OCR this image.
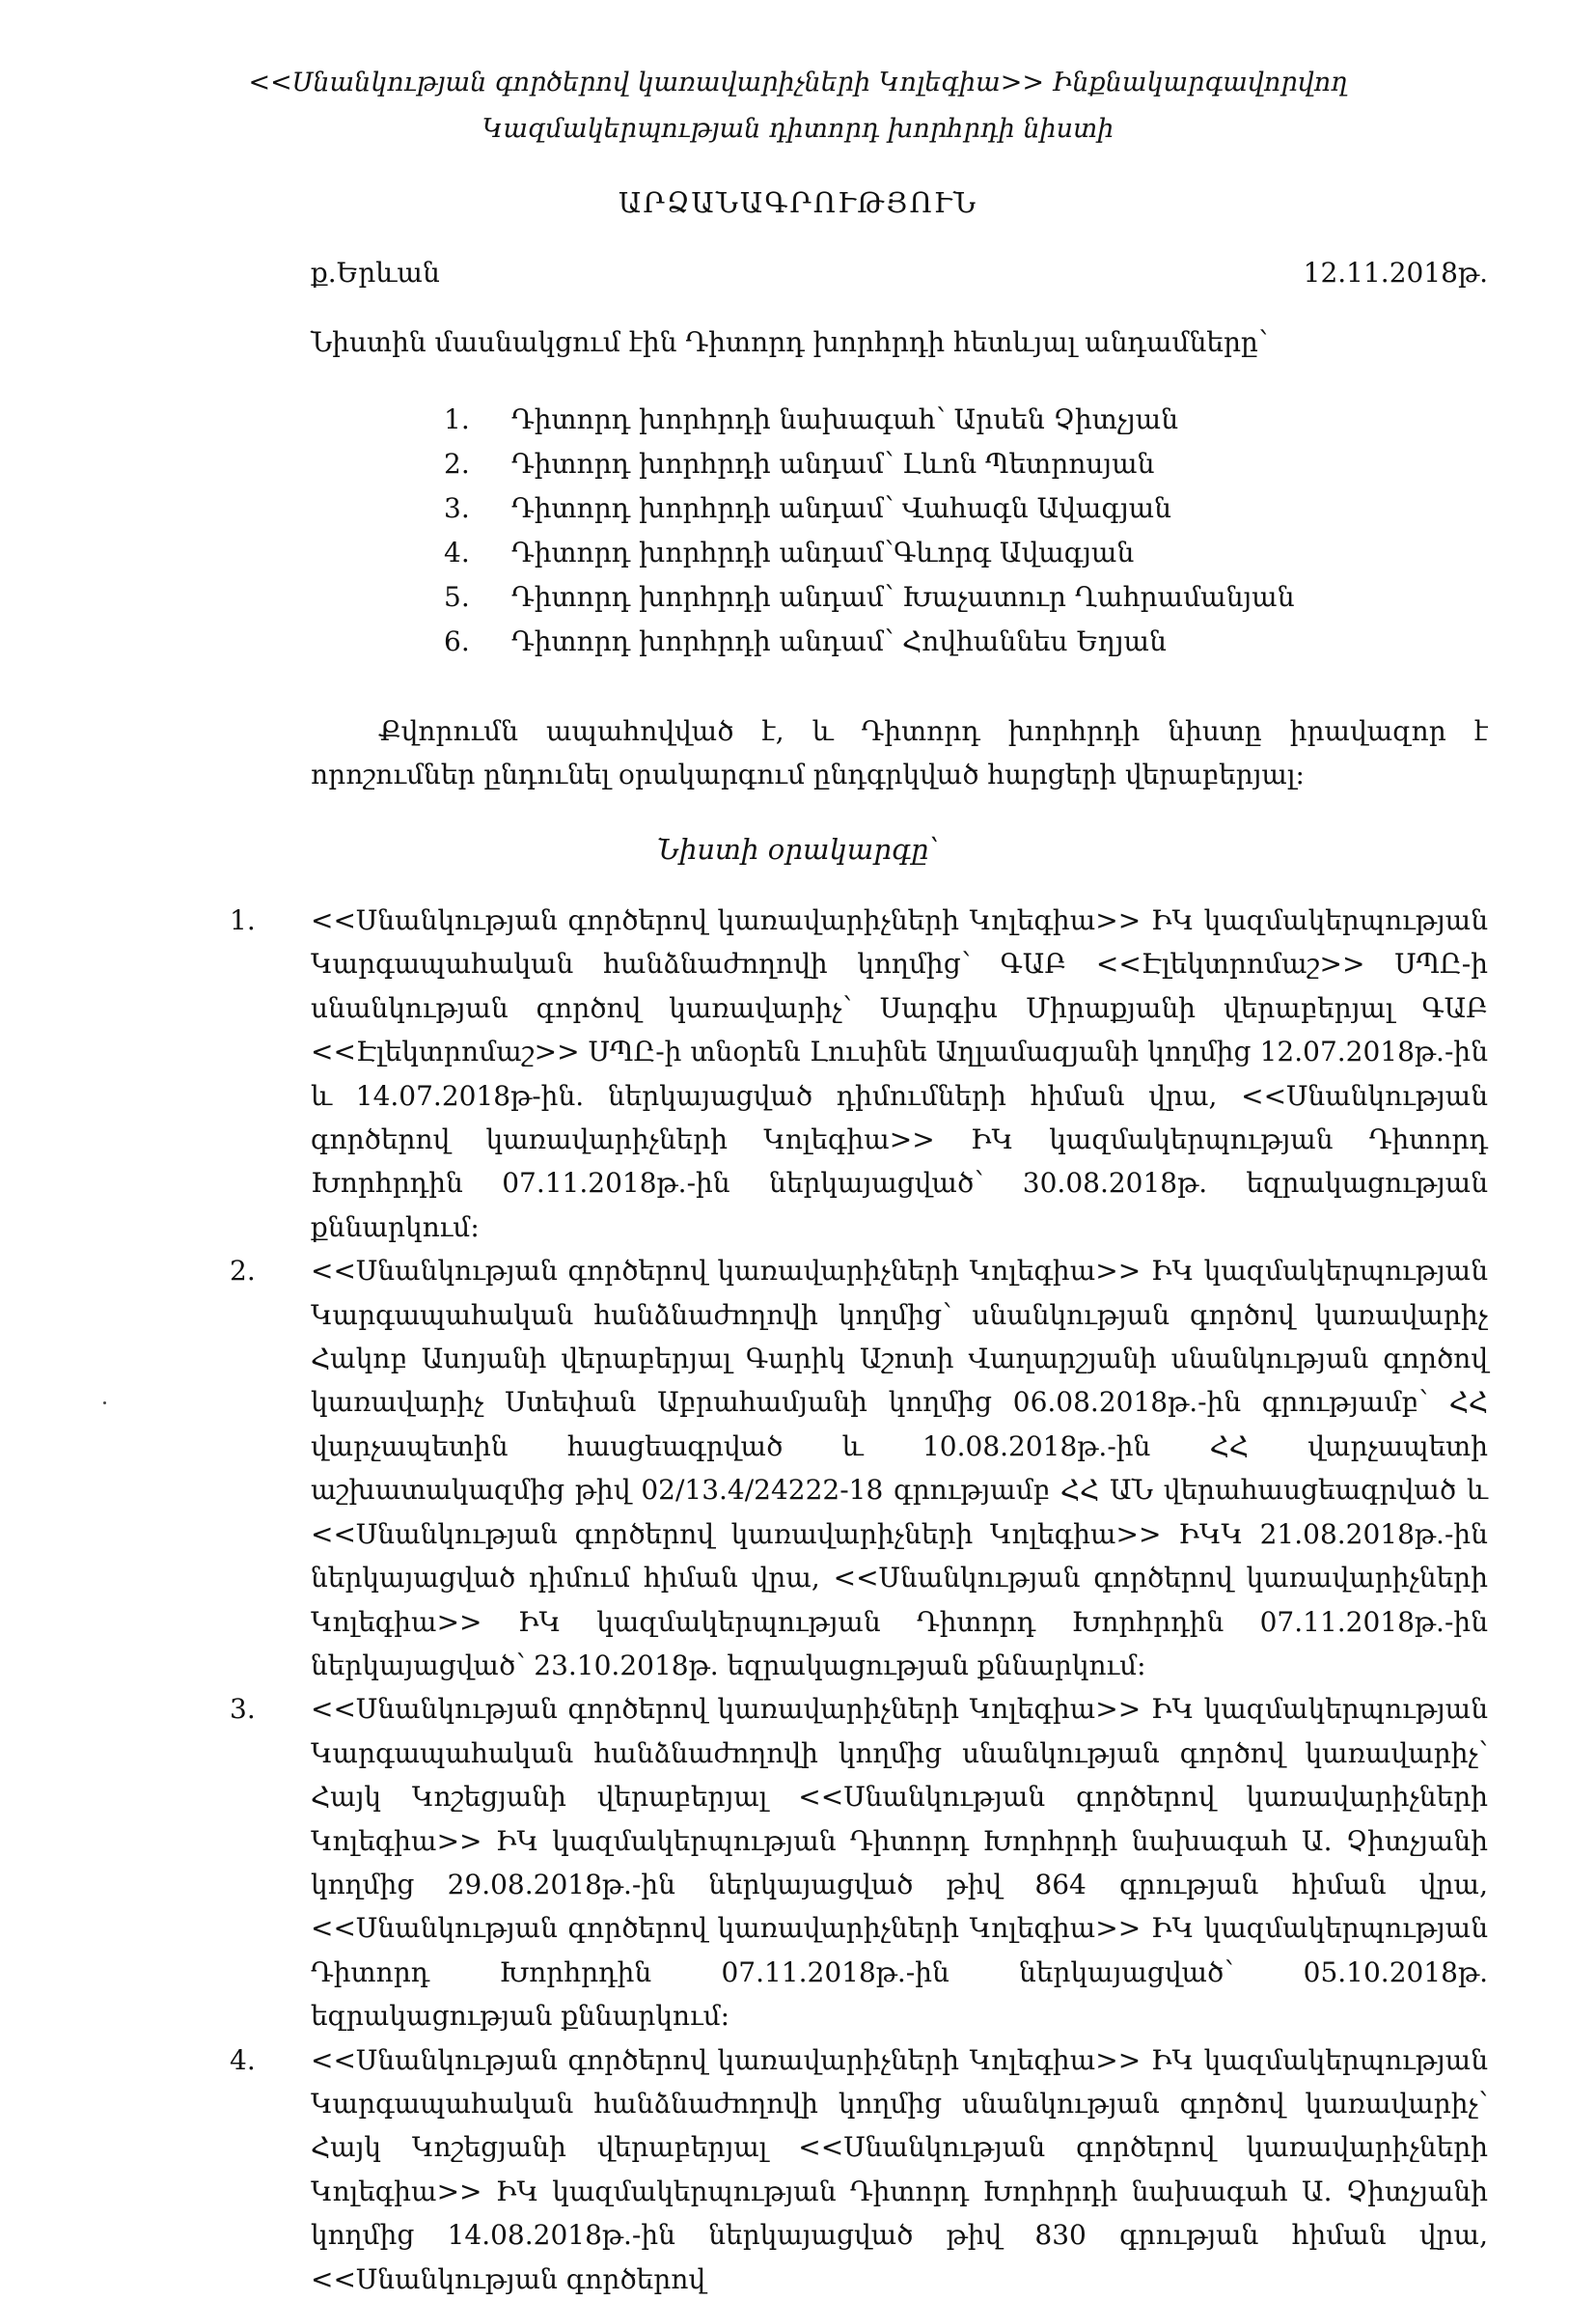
<<Սնանկության գործերով կառավարիչների Կոլեգիա>> Ինքնակարգավորվող
Կազմակերպության դիտորդ խորհրդի նիստի
ԱՐՁԱՆԱԳՐՈՒԹՅՈՒՆ
ք.Երևան	12.11.2018թ.
Նիստին մասնակցում էին Դիտորդ խորհրդի հետևյալ անդամները՝
1. Դիտորդ խորհրդի նախագահ՝ Արսեն Չիտչյան
2. Դիտորդ խորհրդի անդամ՝ Լևոն Պետրոսյան
3. Դիտորդ խորհրդի անդամ՝ Վահագն Ավագյան
4. Դիտորդ խորհրդի անդամ՝Գևորգ Ավագյան
5. Դիտորդ խորհրդի անդամ՝ Խաչատուր Ղահրամանյան
6. Դիտորդ խորհրդի անդամ՝ Հովհաննես Եղյան
Քվորումն ապահովված է, և Դիտորդ խորհրդի նիստը իրավազոր է որոշումներ ընդունել օրակարգում ընդգրկված հարցերի վերաբերյալ:
Նիստի օրակարգը՝
1. <<Սնանկության գործերով կառավարիչների Կոլեգիա>> ԻԿ կազմակերպության Կարգապահական հանձնաժողովի կողմից՝ ԳԱԲ <<Էլեկտրոմաշ>> ՍՊԸ-ի սնանկության գործով կառավարիչ՝ Սարգիս Միրաքյանի վերաբերյալ ԳԱԲ <<Էլեկտրոմաշ>> ՍՊԸ-ի տնօրեն Լուսինե Աղլամազյանի կողմից 12.07.2018թ.-ին և 14.07.2018թ-ին. ներկայացված դիմումների հիման վրա, <<Սնանկության գործերով կառավարիչների Կոլեգիա>> ԻԿ կազմակերպության Դիտորդ Խորհրդին 07.11.2018թ.-ին ներկայացված՝ 30.08.2018թ. եզրակացության քննարկում:
2. <<Սնանկության գործերով կառավարիչների Կոլեգիա>> ԻԿ կազմակերպության Կարգապահական հանձնաժողովի կողմից՝ սնանկության գործով կառավարիչ Հակոբ Ասոյանի վերաբերյալ Գարիկ Աշոտի Վաղարշյանի սնանկության գործով կառավարիչ Ստեփան Աբրահամյանի կողմից 06.08.2018թ.-ին գրությամբ՝ ՀՀ վարչապետին հասցեագրված և 10.08.2018թ.-ին ՀՀ վարչապետի աշխատակազմից թիվ 02/13.4/24222-18 գրությամբ ՀՀ ԱՆ վերահասցեագրված և <<Սնանկության գործերով կառավարիչների Կոլեգիա>> ԻԿԿ 21.08.2018թ.-ին ներկայացված դիմում հիման վրա, <<Սնանկության գործերով կառավարիչների Կոլեգիա>> ԻԿ կազմակերպության Դիտորդ Խորհրդին 07.11.2018թ.-ին ներկայացված՝ 23.10.2018թ. եզրակացության քննարկում:
3. <<Սնանկության գործերով կառավարիչների Կոլեգիա>> ԻԿ կազմակերպության Կարգապահական հանձնաժողովի կողմից սնանկության գործով կառավարիչ՝ Հայկ Կոշեցյանի վերաբերյալ <<Սնանկության գործերով կառավարիչների Կոլեգիա>> ԻԿ կազմակերպության Դիտորդ Խորհրդի նախագահ Ա. Չիտչյանի կողմից 29.08.2018թ.-ին ներկայացված թիվ 864 գրության հիման վրա, <<Սնանկության գործերով կառավարիչների Կոլեգիա>> ԻԿ կազմակերպության Դիտորդ Խորհրդին 07.11.2018թ.-ին ներկայացված՝ 05.10.2018թ. եզրակացության քննարկում:
4. <<Սնանկության գործերով կառավարիչների Կոլեգիա>> ԻԿ կազմակերպության Կարգապահական հանձնաժողովի կողմից սնանկության գործով կառավարիչ՝ Հայկ Կոշեցյանի վերաբերյալ <<Սնանկության գործերով կառավարիչների Կոլեգիա>> ԻԿ կազմակերպության Դիտորդ Խորհրդի նախագահ Ա. Չիտչյանի կողմից 14.08.2018թ.-ին ներկայացված թիվ 830 գրության հիման վրա, <<Սնանկության գործերով
